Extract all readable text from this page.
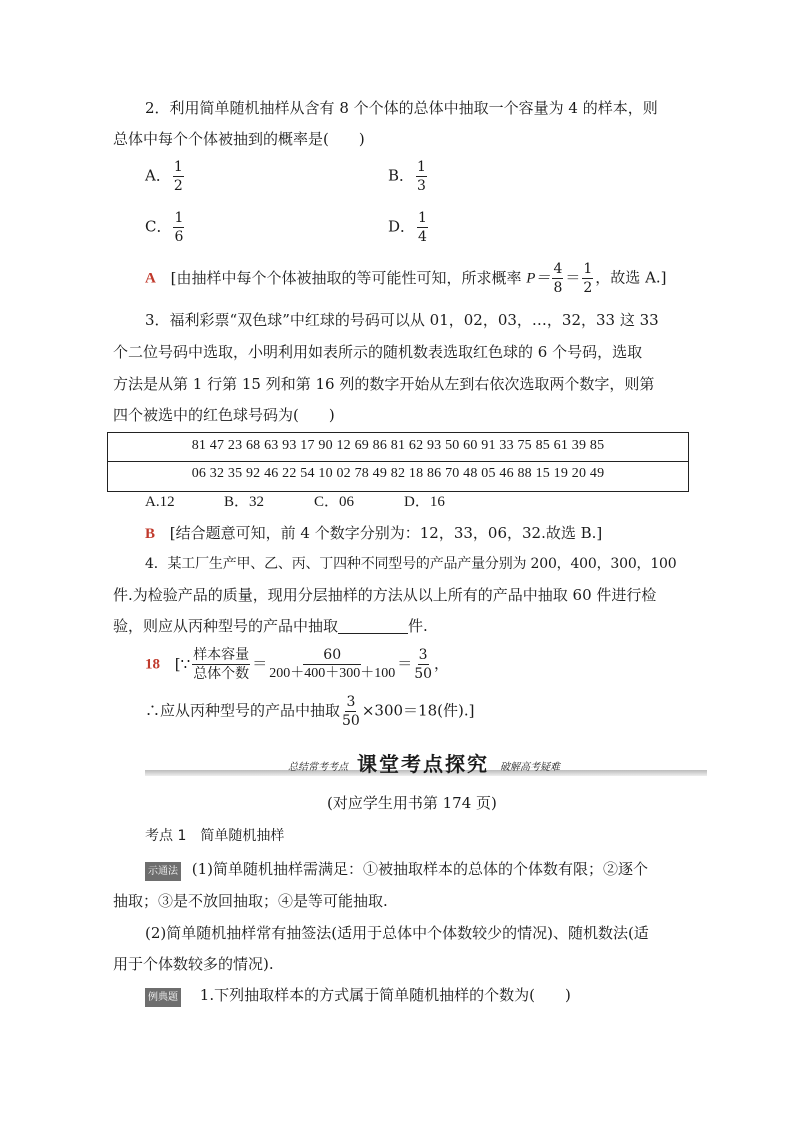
2．利用简单随机抽样从含有 8 个个体的总体中抽取一个容量为 4 的样本，则
总体中每个个体被抽到的概率是(　　)
A． $\frac{1}{2}$	B． $\frac{1}{3}$
C． $\frac{1}{6}$	D． $\frac{1}{4}$
A [由抽样中每个个体被抽取的等可能性可知，所求概率 $P= \frac{4}{8} = \frac{1}{2}$ ，故选 A.]
3．福利彩票“双色球”中红球的号码可以从 01，02，03，…，32，33 这 33
个二位号码中选取，小明利用如表所示的随机数表选取红色球的 6 个号码，选取
方法是从第 1 行第 15 列和第 16 列的数字开始从左到右依次选取两个数字，则第
四个被选中的红色球号码为(　　)
81 47 23 68 63 93 17 90 12 69 86 81 62 93 50 60 91 33 75 85 61 39 85
06 32 35 92 46 22 54 10 02 78 49 82 18 86 70 48 05 46 88 15 19 20 49
A.12	B．32	C．06	D．16
B [结合题意可知，前 4 个数字分别为：12，33，06，32.故选 B.]
4．某工厂生产甲、乙、丙、丁四种不同型号的产品产量分别为 200，400，300，100
件.为检验产品的质量，现用分层抽样的方法从以上所有的产品中抽取 60 件进行检
验，则应从丙种型号的产品中抽取	件.
18 [∵ $\frac{\text{样本容量}}{\text{总体个数}} = \frac{60}{200+400+300+100} = \frac{3}{50}$ ，
∴应从丙种型号的产品中抽取 $\frac{3}{50} \times 300=18$(件).]
总结常考考点 课堂考点探究 破解高考疑难
(对应学生用书第 174 页)
考点 1　简单随机抽样
示通法 (1)简单随机抽样需满足：①被抽取样本的总体的个体数有限；②逐个
抽取；③是不放回抽取；④是等可能抽取.
(2)简单随机抽样常有抽签法(适用于总体中个体数较少的情况)、随机数法(适
用于个体数较多的情况).
例典题 1.下列抽取样本的方式属于简单随机抽样的个数为(　　)
